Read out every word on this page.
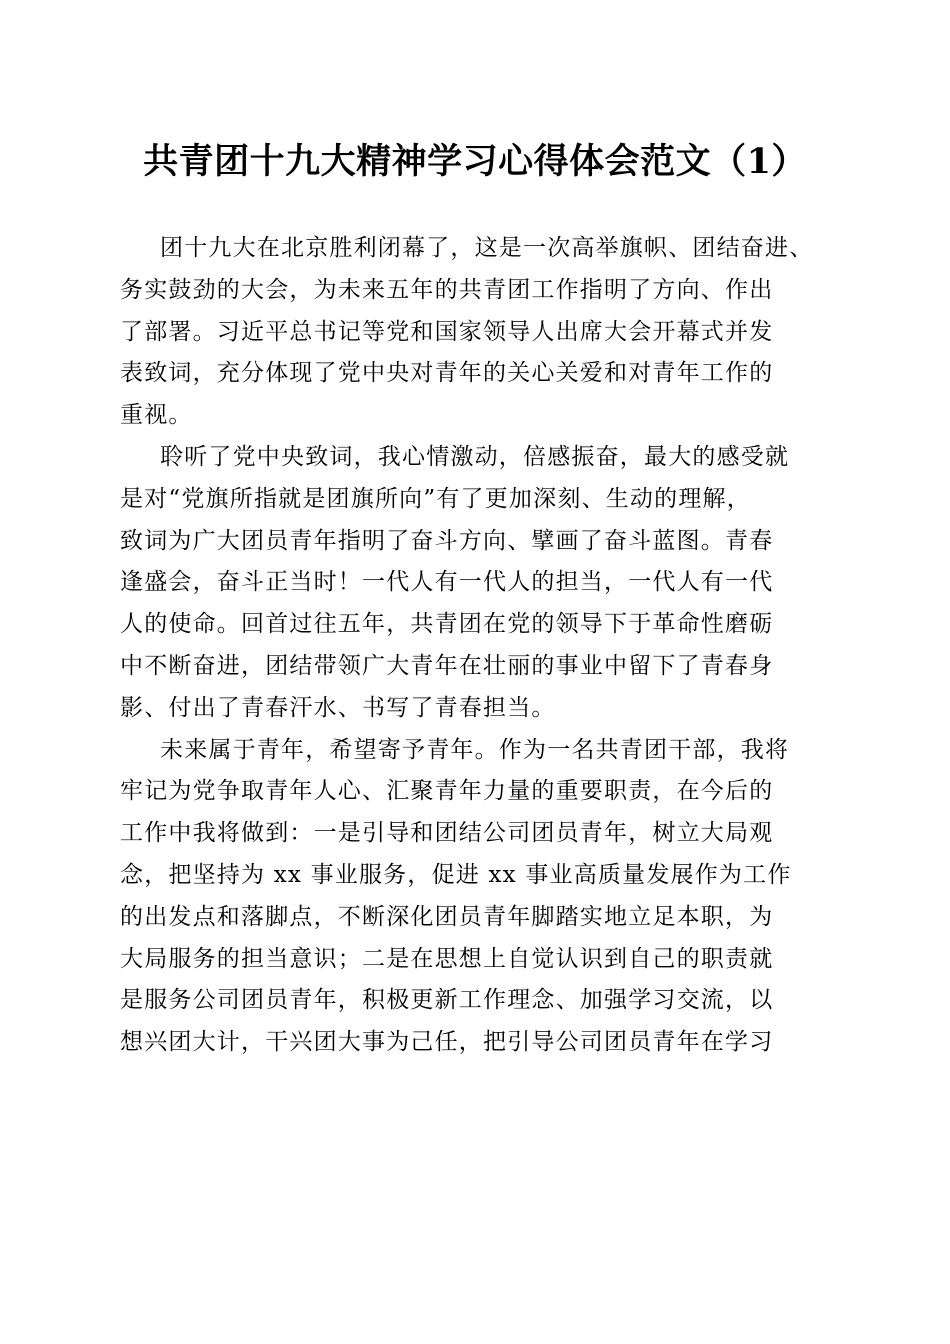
共青团十九大精神学习心得体会范文（1）
团十九大在北京胜利闭幕了，这是一次高举旗帜、团结奋进、
务实鼓劲的大会，为未来五年的共青团工作指明了方向、作出
了部署。习近平总书记等党和国家领导人出席大会开幕式并发
表致词，充分体现了党中央对青年的关心关爱和对青年工作的
重视。
聆听了党中央致词，我心情激动，倍感振奋，最大的感受就
是对“党旗所指就是团旗所向”有了更加深刻、生动的理解，
致词为广大团员青年指明了奋斗方向、擘画了奋斗蓝图。青春
逢盛会，奋斗正当时！一代人有一代人的担当，一代人有一代
人的使命。回首过往五年，共青团在党的领导下于革命性磨砺
中不断奋进，团结带领广大青年在壮丽的事业中留下了青春身
影、付出了青春汗水、书写了青春担当。
未来属于青年，希望寄予青年。作为一名共青团干部，我将
牢记为党争取青年人心、汇聚青年力量的重要职责，在今后的
工作中我将做到：一是引导和团结公司团员青年，树立大局观
念，把坚持为 xx 事业服务，促进 xx 事业高质量发展作为工作
的出发点和落脚点，不断深化团员青年脚踏实地立足本职，为
大局服务的担当意识；二是在思想上自觉认识到自己的职责就
是服务公司团员青年，积极更新工作理念、加强学习交流，以
想兴团大计，干兴团大事为己任，把引导公司团员青年在学习
